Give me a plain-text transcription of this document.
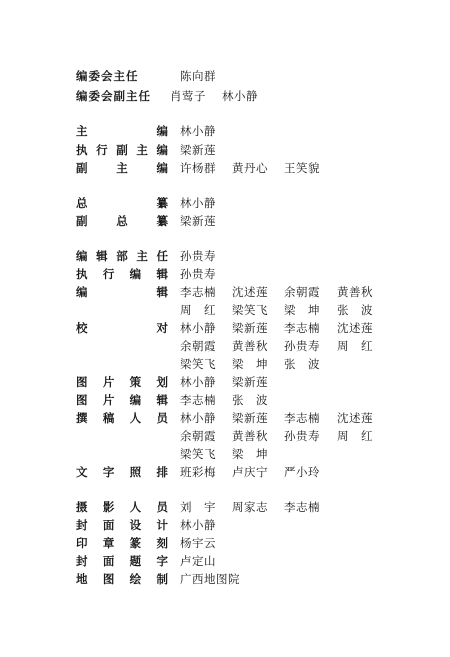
编委会主任	陈向群
编委会副主任 肖莺子 林小静
主	编 林小静
执 行 副 主 编 梁新莲
副	主	编 许杨群 黄丹心 王笑貌
总	纂 林小静
副	总	纂 梁新莲
编 辑 部 主 任 孙贵寿
执 行 编 辑 孙贵寿
编	辑 李志楠 沈述莲 余朝霞 黄善秋
周　红 梁笑飞 梁　坤 张　波
校	对 林小静 梁新莲 李志楠 沈述莲
余朝霞 黄善秋 孙贵寿 周　红
梁笑飞 梁　坤 张　波
图 片 策 划 林小静 梁新莲
图 片 编 辑 李志楠 张　波
撰 稿 人 员 林小静 梁新莲 李志楠 沈述莲
余朝霞 黄善秋 孙贵寿 周　红
梁笑飞 梁　坤
文 字 照 排 班彩梅 卢庆宁 严小玲
摄 影 人 员 刘　宇 周家志 李志楠
封 面 设 计 林小静
印 章 篆 刻 杨宇云
封 面 题 字 卢定山
地 图 绘 制 广西地图院
